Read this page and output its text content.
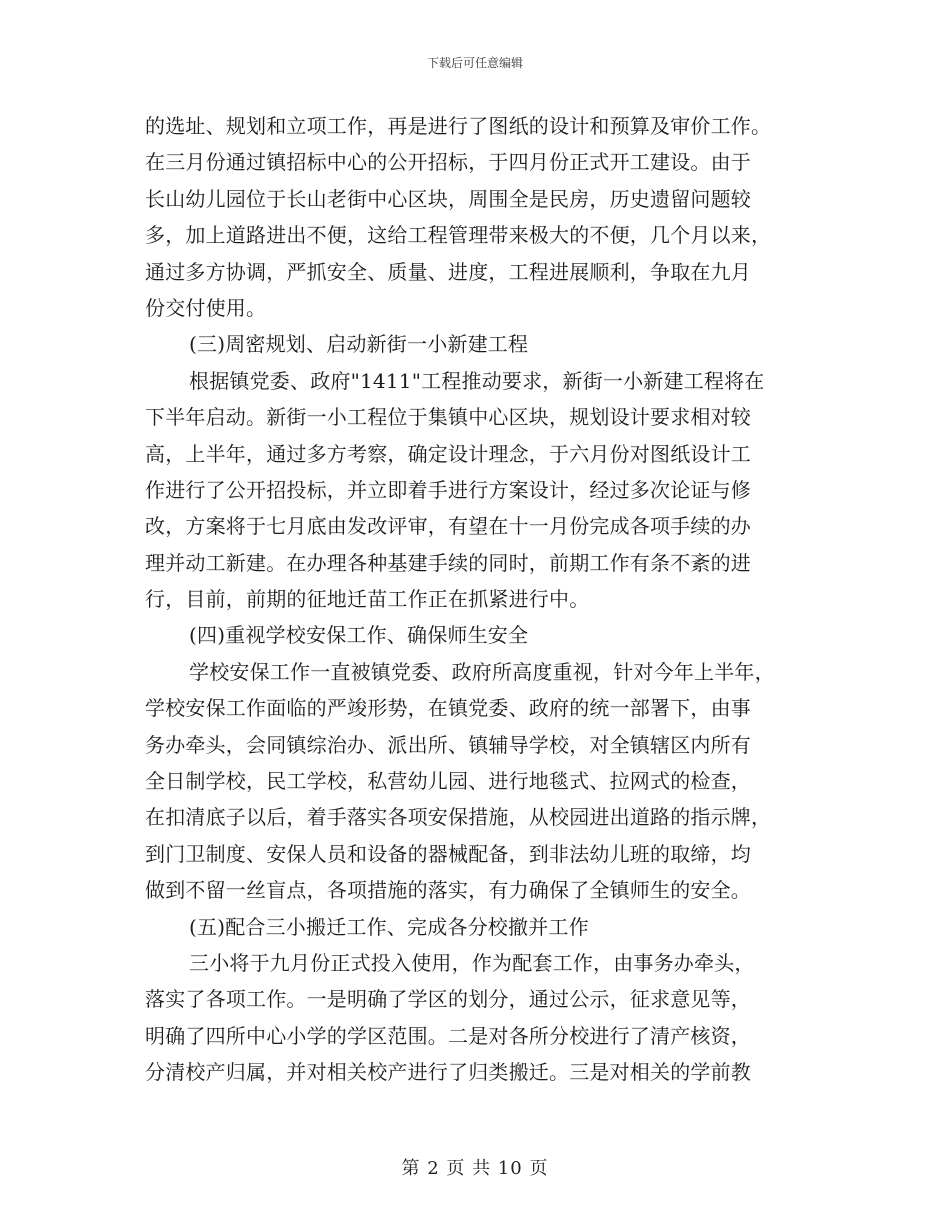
下载后可任意编辑
的选址、规划和立项工作，再是进行了图纸的设计和预算及审价工作。
在三月份通过镇招标中心的公开招标，于四月份正式开工建设。由于
长山幼儿园位于长山老街中心区块，周围全是民房，历史遗留问题较
多，加上道路进出不便，这给工程管理带来极大的不便，几个月以来，
通过多方协调，严抓安全、质量、进度，工程进展顺利，争取在九月
份交付使用。
(三)周密规划、启动新街一小新建工程
根据镇党委、政府"1411"工程推动要求，新街一小新建工程将在
下半年启动。新街一小工程位于集镇中心区块，规划设计要求相对较
高，上半年，通过多方考察，确定设计理念，于六月份对图纸设计工
作进行了公开招投标，并立即着手进行方案设计，经过多次论证与修
改，方案将于七月底由发改评审，有望在十一月份完成各项手续的办
理并动工新建。在办理各种基建手续的同时，前期工作有条不紊的进
行，目前，前期的征地迁苗工作正在抓紧进行中。
(四)重视学校安保工作、确保师生安全
学校安保工作一直被镇党委、政府所高度重视，针对今年上半年，
学校安保工作面临的严竣形势，在镇党委、政府的统一部署下，由事
务办牵头，会同镇综治办、派出所、镇辅导学校，对全镇辖区内所有
全日制学校，民工学校，私营幼儿园、进行地毯式、拉网式的检查，
在扣清底子以后，着手落实各项安保措施，从校园进出道路的指示牌，
到门卫制度、安保人员和设备的器械配备，到非法幼儿班的取缔，均
做到不留一丝盲点，各项措施的落实，有力确保了全镇师生的安全。
(五)配合三小搬迁工作、完成各分校撤并工作
三小将于九月份正式投入使用，作为配套工作，由事务办牵头，
落实了各项工作。一是明确了学区的划分，通过公示，征求意见等，
明确了四所中心小学的学区范围。二是对各所分校进行了清产核资，
分清校产归属，并对相关校产进行了归类搬迁。三是对相关的学前教
第 2 页 共 10 页
